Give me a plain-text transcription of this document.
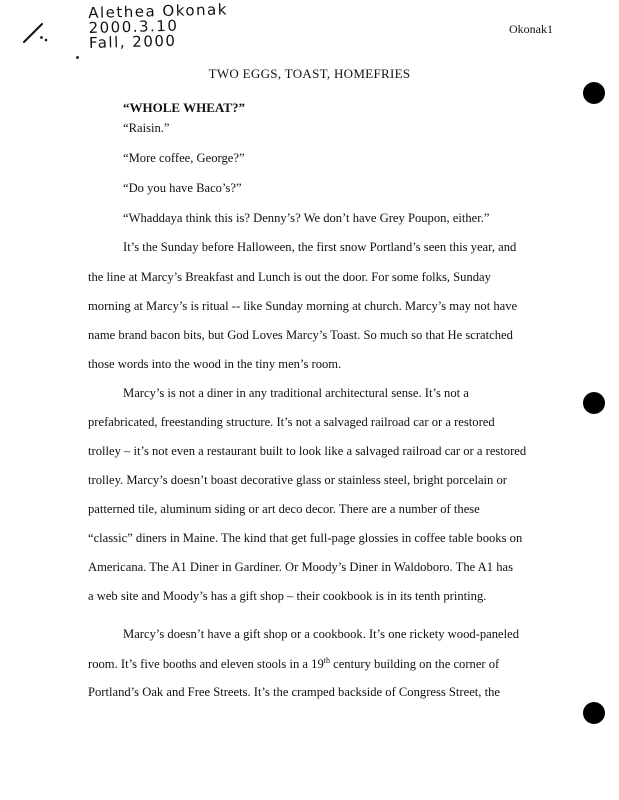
Alethea Okonak
2000.3.10
Fall, 2000
Okonak1
TWO EGGS, TOAST, HOMEFRIES
“WHOLE WHEAT?”
“Raisin.”
“More coffee, George?”
“Do you have Baco’s?”
“Whaddaya think this is? Denny’s? We don’t have Grey Poupon, either.”
It’s the Sunday before Halloween, the first snow Portland’s seen this year, and
the line at Marcy’s Breakfast and Lunch is out the door. For some folks, Sunday
morning at Marcy’s is ritual -- like Sunday morning at church. Marcy’s may not have
name brand bacon bits, but God Loves Marcy’s Toast. So much so that He scratched
those words into the wood in the tiny men’s room.
Marcy’s is not a diner in any traditional architectural sense. It’s not a
prefabricated, freestanding structure. It’s not a salvaged railroad car or a restored
trolley – it’s not even a restaurant built to look like a salvaged railroad car or a restored
trolley. Marcy’s doesn’t boast decorative glass or stainless steel, bright porcelain or
patterned tile, aluminum siding or art deco decor. There are a number of these
“classic” diners in Maine. The kind that get full-page glossies in coffee table books on
Americana. The A1 Diner in Gardiner. Or Moody’s Diner in Waldoboro. The A1 has
a web site and Moody’s has a gift shop – their cookbook is in its tenth printing.
Marcy’s doesn’t have a gift shop or a cookbook. It’s one rickety wood-paneled
room. It’s five booths and eleven stools in a 19th century building on the corner of
Portland’s Oak and Free Streets. It’s the cramped backside of Congress Street, the
